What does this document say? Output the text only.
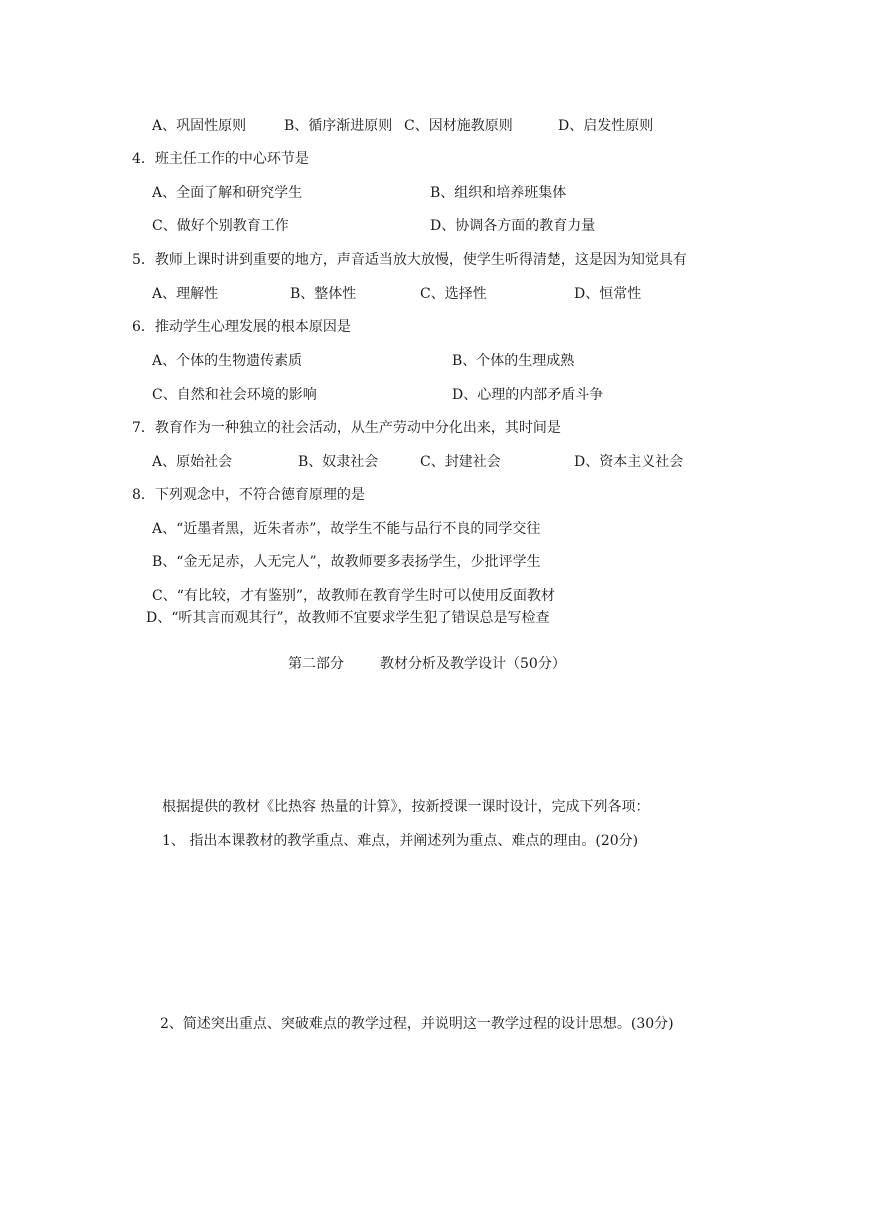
A、巩固性原则	B、循序渐进原则 C、因材施教原则	D、启发性原则
4．班主任工作的中心环节是
A、全面了解和研究学生	B、组织和培养班集体
C、做好个别教育工作	D、协调各方面的教育力量
5．教师上课时讲到重要的地方，声音适当放大放慢，使学生听得清楚，这是因为知觉具有
A、理解性	B、整体性	C、选择性	D、恒常性
6．推动学生心理发展的根本原因是
A、个体的生物遗传素质	B、个体的生理成熟
C、自然和社会环境的影响	D、心理的内部矛盾斗争
7．教育作为一种独立的社会活动，从生产劳动中分化出来，其时间是
A、原始社会	B、奴隶社会	C、封建社会	D、资本主义社会
8．下列观念中，不符合德育原理的是
A、“近墨者黑，近朱者赤”，故学生不能与品行不良的同学交往
B、“金无足赤，人无完人”，故教师要多表扬学生，少批评学生
C、“有比较，才有鉴别”，故教师在教育学生时可以使用反面教材
D、“听其言而观其行”，故教师不宜要求学生犯了错误总是写检查
第二部分	教材分析及教学设计（50分）
根据提供的教材《比热容 热量的计算》，按新授课一课时设计，完成下列各项：
1、 指出本课教材的教学重点、难点，并阐述列为重点、难点的理由。(20分)
2、简述突出重点、突破难点的教学过程，并说明这一教学过程的设计思想。(30分)
